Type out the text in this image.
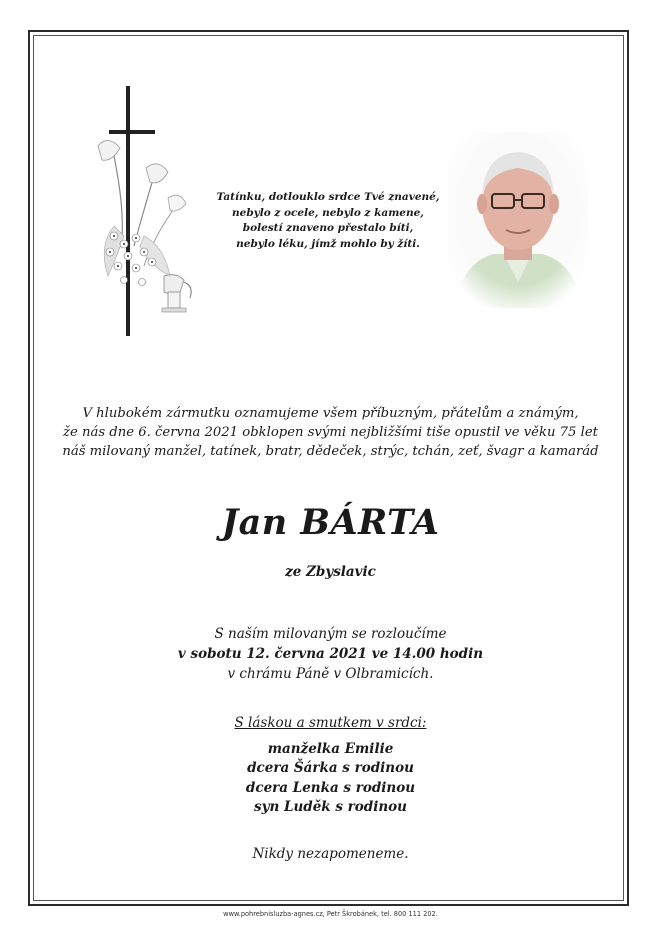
Tatínku, dotlouklo srdce Tvé znavené,
nebylo z ocele, nebylo z kamene,
bolestí znaveno přestalo bíti,
nebylo léku, jímž mohlo by žíti.
V hlubokém zármutku oznamujeme všem příbuzným, přátelům a známým,
že nás dne 6. června 2021 obklopen svými nejbližšími tiše opustil ve věku 75 let
náš milovaný manžel, tatínek, bratr, dědeček, strýc, tchán, zeť, švagr a kamarád
Jan BÁRTA
ze Zbyslavic
S naším milovaným se rozloučíme
v sobotu 12. června 2021 ve 14.00 hodin
v chrámu Páně v Olbramicích.
S láskou a smutkem v srdci:
manželka Emilie
dcera Šárka s rodinou
dcera Lenka s rodinou
syn Luděk s rodinou
Nikdy nezapomeneme.
www.pohrebnisluzba-agnes.cz, Petr Škrobánek, tel. 800 111 202.
